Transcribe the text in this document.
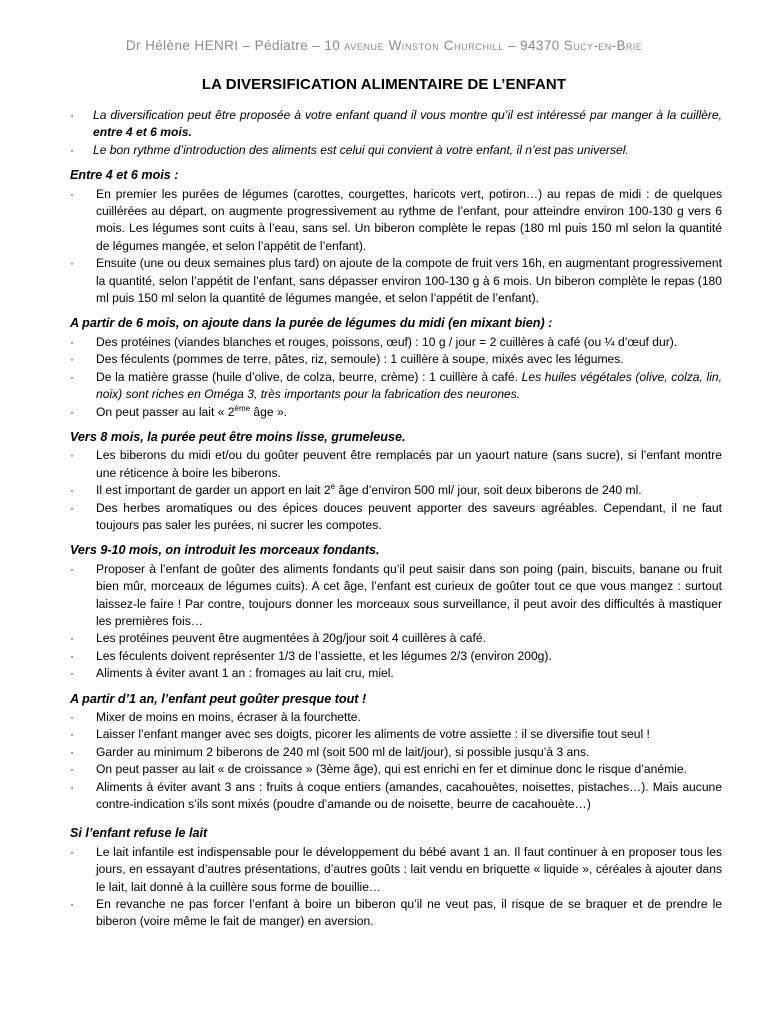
Dr Hélène HENRI – Pédiatre – 10 avenue Winston Churchill – 94370 Sucy-en-Brie
LA DIVERSIFICATION ALIMENTAIRE DE L’ENFANT
· La diversification peut être proposée à votre enfant quand il vous montre qu’il est intéressé par manger à la cuillère, entre 4 et 6 mois.
· Le bon rythme d’introduction des aliments est celui qui convient à votre enfant, il n’est pas universel.
Entre 4 et 6 mois :
· En premier les purées de légumes (carottes, courgettes, haricots vert, potiron…) au repas de midi : de quelques cuillérées au départ, on augmente progressivement au rythme de l’enfant, pour atteindre environ 100-130 g vers 6 mois. Les légumes sont cuits à l’eau, sans sel. Un biberon complète le repas (180 ml puis 150 ml selon la quantité de légumes mangée, et selon l’appétit de l’enfant).
· Ensuite (une ou deux semaines plus tard) on ajoute de la compote de fruit vers 16h, en augmentant progressivement la quantité, selon l’appétit de l’enfant, sans dépasser environ 100-130 g à 6 mois. Un biberon complète le repas (180 ml puis 150 ml selon la quantité de légumes mangée, et selon l’appétit de l’enfant).
A partir de 6 mois, on ajoute dans la purée de légumes du midi (en mixant bien) :
· Des protéines (viandes blanches et rouges, poissons, œuf) : 10 g / jour = 2 cuillères à café (ou ¼ d’œuf dur).
· Des féculents (pommes de terre, pâtes, riz, semoule) : 1 cuillère à soupe, mixés avec les légumes.
· De la matière grasse (huile d’olive, de colza, beurre, crème) : 1 cuillère à café. Les huiles végétales (olive, colza, lin, noix) sont riches en Oméga 3, très importants pour la fabrication des neurones.
· On peut passer au lait « 2ème âge ».
Vers 8 mois, la purée peut être moins lisse, grumeleuse.
· Les biberons du midi et/ou du goûter peuvent être remplacés par un yaourt nature (sans sucre), si l’enfant montre une réticence à boire les biberons.
· Il est important de garder un apport en lait 2e âge d’environ 500 ml/ jour, soit deux biberons de 240 ml.
· Des herbes aromatiques ou des épices douces peuvent apporter des saveurs agréables. Cependant, il ne faut toujours pas saler les purées, ni sucrer les compotes.
Vers 9-10 mois, on introduit les morceaux fondants.
· Proposer à l’enfant de goûter des aliments fondants qu’il peut saisir dans son poing (pain, biscuits, banane ou fruit bien mûr, morceaux de légumes cuits). A cet âge, l’enfant est curieux de goûter tout ce que vous mangez : surtout laissez-le faire ! Par contre, toujours donner les morceaux sous surveillance, il peut avoir des difficultés à mastiquer les premières fois…
· Les protéines peuvent être augmentées à 20g/jour soit 4 cuillères à café.
· Les féculents doivent représenter 1/3 de l’assiette, et les légumes 2/3 (environ 200g).
· Aliments à éviter avant 1 an : fromages au lait cru, miel.
A partir d’1 an, l’enfant peut goûter presque tout !
· Mixer de moins en moins, écraser à la fourchette.
· Laisser l’enfant manger avec ses doigts, picorer les aliments de votre assiette : il se diversifie tout seul !
· Garder au minimum 2 biberons de 240 ml (soit 500 ml de lait/jour), si possible jusqu’à 3 ans.
· On peut passer au lait « de croissance » (3ème âge), qui est enrichi en fer et diminue donc le risque d’anémie.
· Aliments à éviter avant 3 ans : fruits à coque entiers (amandes, cacahouètes, noisettes, pistaches…). Mais aucune contre-indication s’ils sont mixés (poudre d’amande ou de noisette, beurre de cacahouète…)
Si l’enfant refuse le lait
· Le lait infantile est indispensable pour le développement du bébé avant 1 an. Il faut continuer à en proposer tous les jours, en essayant d’autres présentations, d’autres goûts : lait vendu en briquette « liquide », céréales à ajouter dans le lait, lait donné à la cuillère sous forme de bouillie…
· En revanche ne pas forcer l’enfant à boire un biberon qu’il ne veut pas, il risque de se braquer et de prendre le biberon (voire même le fait de manger) en aversion.
